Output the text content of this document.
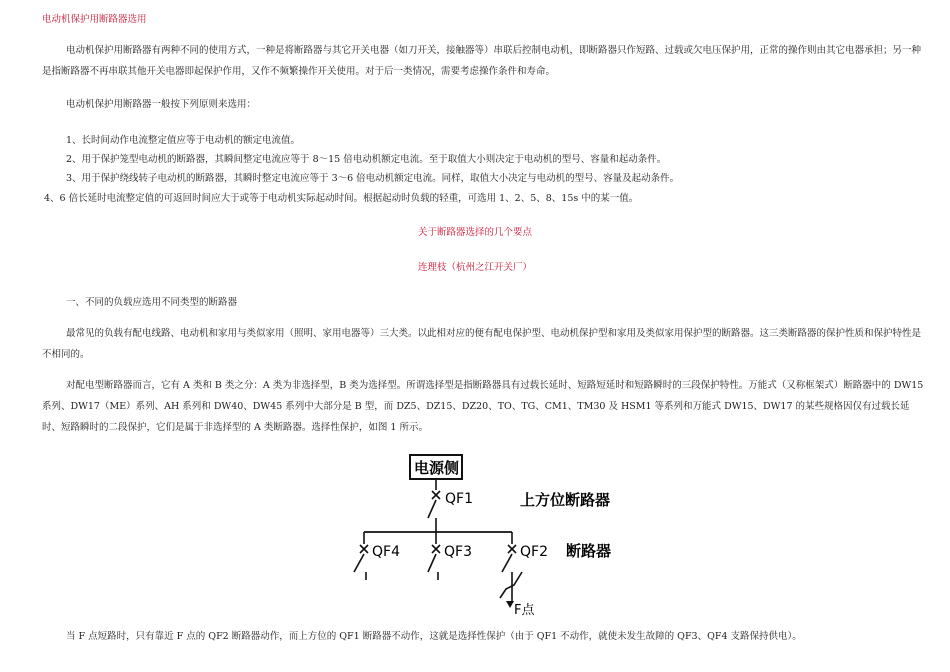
电动机保护用断路器选用
电动机保护用断路器有两种不同的使用方式，一种是将断路器与其它开关电器（如刀开关，接触器等）串联后控制电动机，即断路器只作短路、过载或欠电压保护用，正常的操作则由其它电器承担；另一种是指断路器不再串联其他开关电器即起保护作用，又作不频繁操作开关使用。对于后一类情况，需要考虑操作条件和寿命。
电动机保护用断路器一般按下列原则来选用：
1、长时间动作电流整定值应等于电动机的额定电流值。
2、用于保护笼型电动机的断路器，其瞬间整定电流应等于 8～15 倍电动机额定电流。至于取值大小则决定于电动机的型号、容量和起动条件。
3、用于保护绕线转子电动机的断路器，其瞬时整定电流应等于 3～6 倍电动机额定电流。同样，取值大小决定与电动机的型号、容量及起动条件。
4、6 倍长延时电流整定值的可返回时间应大于或等于电动机实际起动时间。根据起动时负载的轻重，可选用 1、2、5、8、15s 中的某一值。
关于断路器选择的几个要点
连理枝（杭州之江开关厂）
一、不同的负载应选用不同类型的断路器
最常见的负载有配电线路、电动机和家用与类似家用（照明、家用电器等）三大类。以此相对应的便有配电保护型、电动机保护型和家用及类似家用保护型的断路器。这三类断路器的保护性质和保护特性是不相同的。
对配电型断路器而言，它有 A 类和 B 类之分：A 类为非选择型，B 类为选择型。所谓选择型是指断路器具有过载长延时、短路短延时和短路瞬时的三段保护特性。万能式（又称框架式）断路器中的 DW15 系列、DW17（ME）系列、AH 系列和 DW40、DW45 系列中大部分是 B 型，而 DZ5、DZ15、DZ20、TO、TG、CM1、TM30 及 HSM1 等系列和万能式 DW15、DW17 的某些规格因仅有过载长延时、短路瞬时的二段保护，它们是属于非选择型的 A 类断路器。选择性保护，如图 1 所示。
电源侧
QF1	上方位断路器
QF4	QF3	QF2 断路器
F点
当 F 点短路时，只有靠近 F 点的 QF2 断路器动作，而上方位的 QF1 断路器不动作，这就是选择性保护（由于 QF1 不动作，就使未发生故障的 QF3、QF4 支路保持供电）。
